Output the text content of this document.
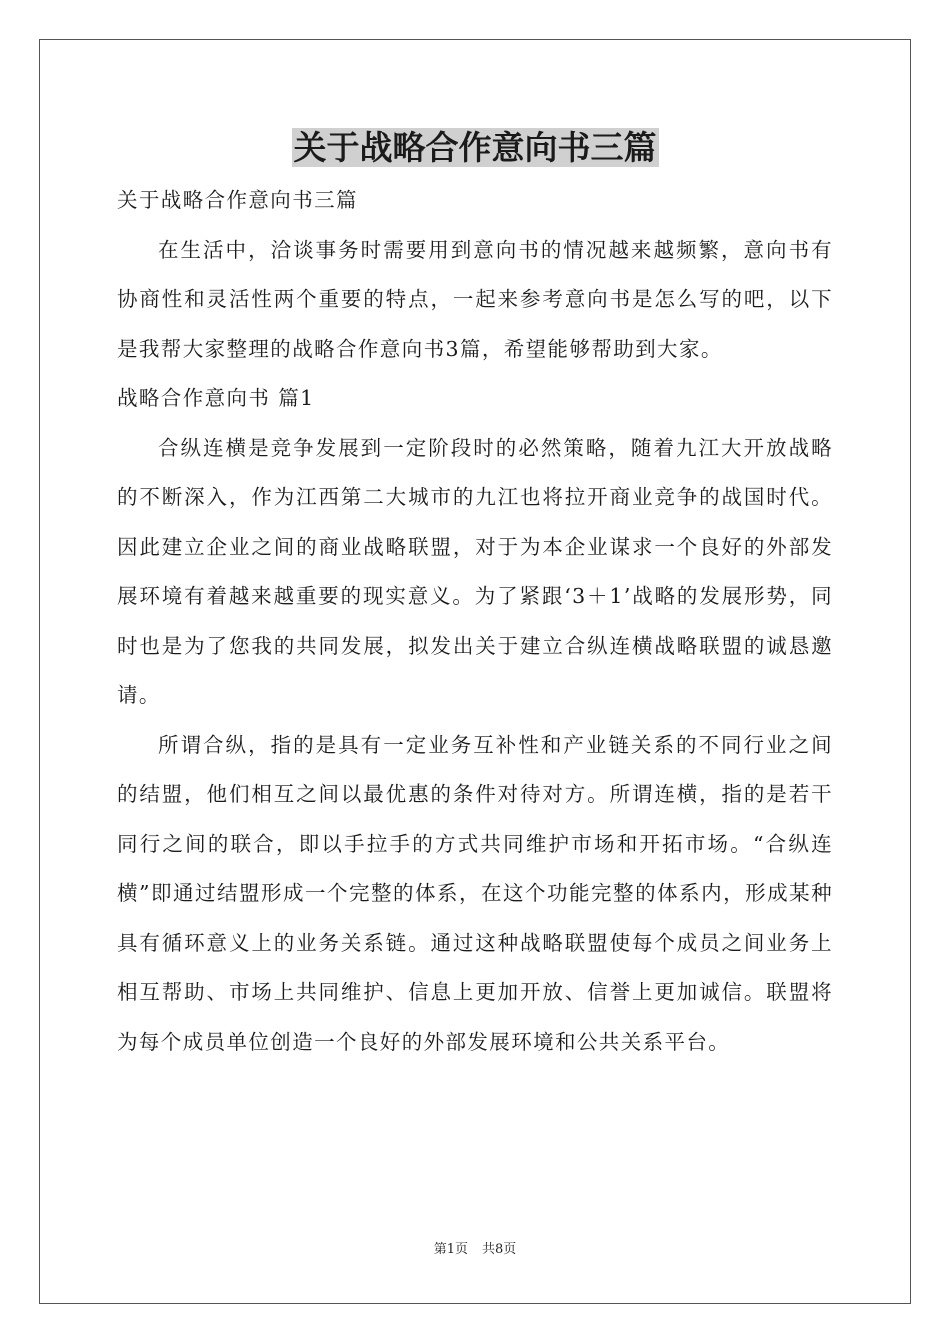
关于战略合作意向书三篇

关于战略合作意向书三篇

在生活中，洽谈事务时需要用到意向书的情况越来越频繁，意向书有协商性和灵活性两个重要的特点，一起来参考意向书是怎么写的吧，以下是我帮大家整理的战略合作意向书3篇，希望能够帮助到大家。

战略合作意向书 篇1

合纵连横是竞争发展到一定阶段时的必然策略，随着九江大开放战略的不断深入，作为江西第二大城市的九江也将拉开商业竞争的战国时代。因此建立企业之间的商业战略联盟，对于为本企业谋求一个良好的外部发展环境有着越来越重要的现实意义。为了紧跟‘3＋1’战略的发展形势，同时也是为了您我的共同发展，拟发出关于建立合纵连横战略联盟的诚恳邀请。

所谓合纵，指的是具有一定业务互补性和产业链关系的不同行业之间的结盟，他们相互之间以最优惠的条件对待对方。所谓连横，指的是若干同行之间的联合，即以手拉手的方式共同维护市场和开拓市场。“合纵连横”即通过结盟形成一个完整的体系，在这个功能完整的体系内，形成某种具有循环意义上的业务关系链。通过这种战略联盟使每个成员之间业务上相互帮助、市场上共同维护、信息上更加开放、信誉上更加诚信。联盟将为每个成员单位创造一个良好的外部发展环境和公共关系平台。

第1页 共8页
